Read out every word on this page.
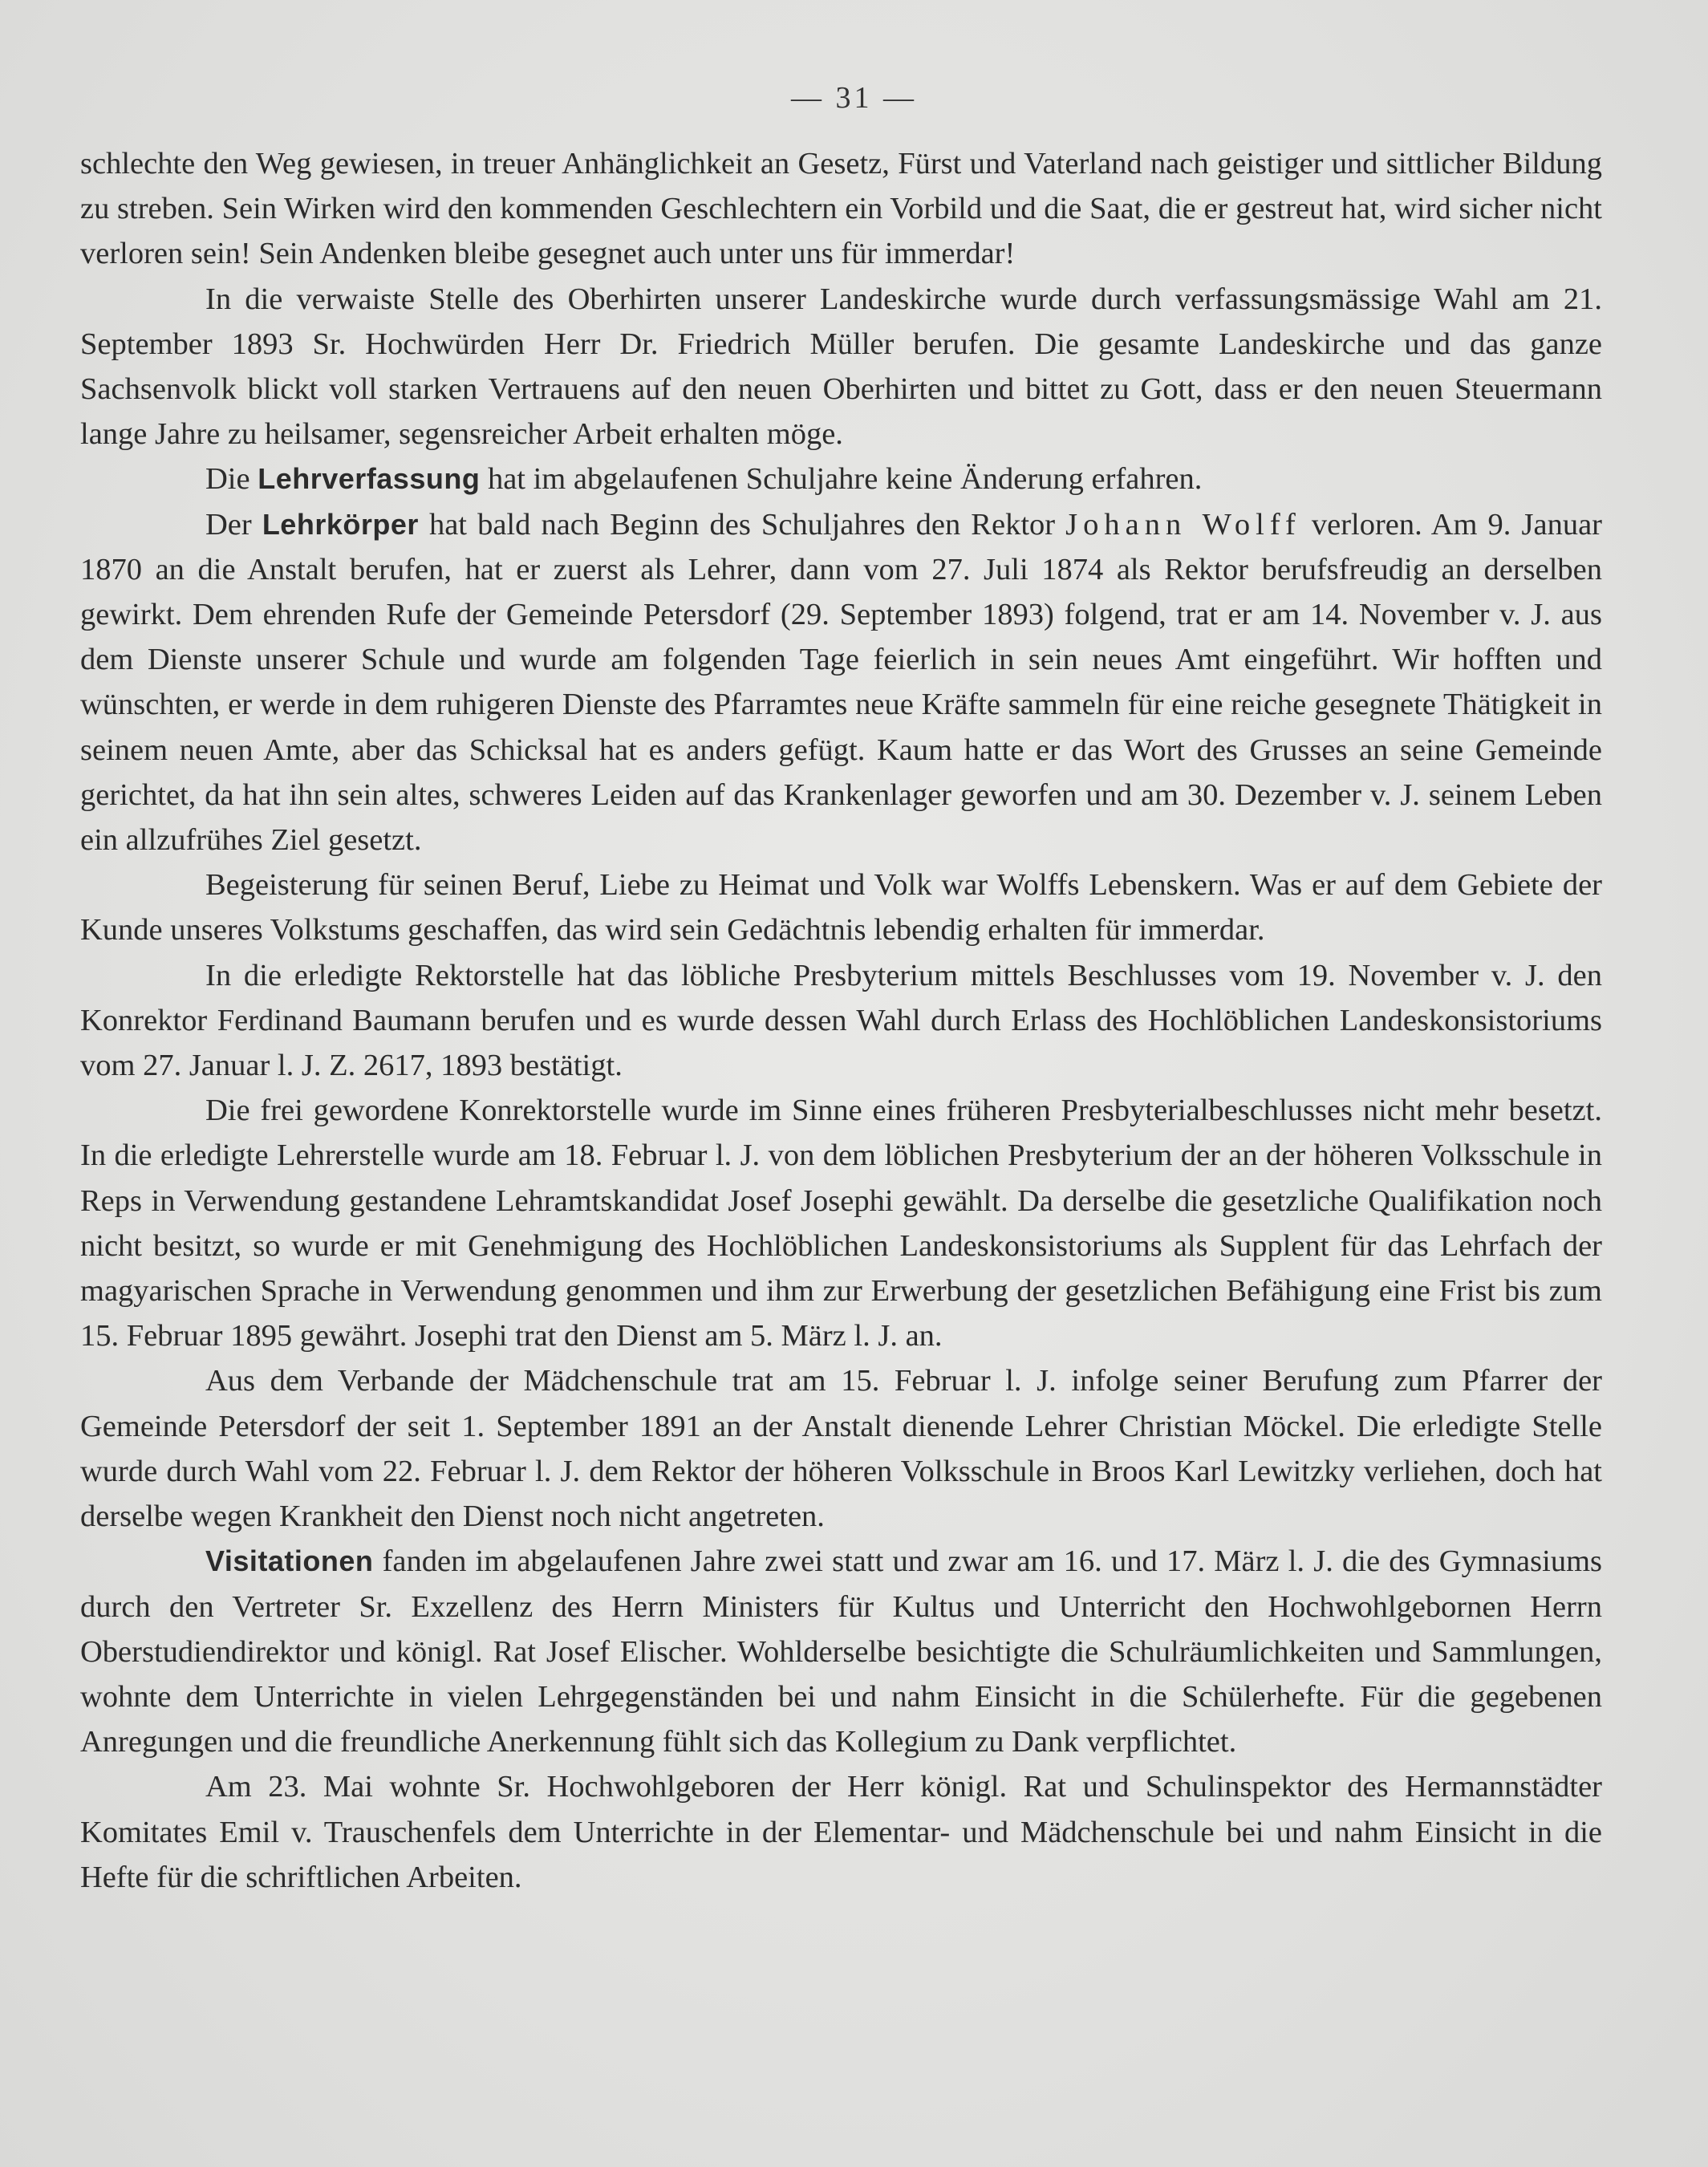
— 31 —

schlechte den Weg gewiesen, in treuer Anhänglichkeit an Gesetz, Fürst und Vaterland nach geistiger und sittlicher Bildung zu streben. Sein Wirken wird den kommenden Geschlechtern ein Vorbild und die Saat, die er gestreut hat, wird sicher nicht verloren sein! Sein Andenken bleibe gesegnet auch unter uns für immerdar!

In die verwaiste Stelle des Oberhirten unserer Landeskirche wurde durch verfassungsmässige Wahl am 21. September 1893 Sr. Hochwürden Herr Dr. Friedrich Müller berufen. Die gesamte Landeskirche und das ganze Sachsenvolk blickt voll starken Vertrauens auf den neuen Oberhirten und bittet zu Gott, dass er den neuen Steuermann lange Jahre zu heilsamer, segensreicher Arbeit erhalten möge.

Die Lehrverfassung hat im abgelaufenen Schuljahre keine Änderung erfahren.

Der Lehrkörper hat bald nach Beginn des Schuljahres den Rektor Johann Wolff verloren. Am 9. Januar 1870 an die Anstalt berufen, hat er zuerst als Lehrer, dann vom 27. Juli 1874 als Rektor berufsfreudig an derselben gewirkt. Dem ehrenden Rufe der Gemeinde Petersdorf (29. September 1893) folgend, trat er am 14. November v. J. aus dem Dienste unserer Schule und wurde am folgenden Tage feierlich in sein neues Amt eingeführt. Wir hofften und wünschten, er werde in dem ruhigeren Dienste des Pfarramtes neue Kräfte sammeln für eine reiche gesegnete Thätigkeit in seinem neuen Amte, aber das Schicksal hat es anders gefügt. Kaum hatte er das Wort des Grusses an seine Gemeinde gerichtet, da hat ihn sein altes, schweres Leiden auf das Krankenlager geworfen und am 30. Dezember v. J. seinem Leben ein allzufrühes Ziel gesetzt.

Begeisterung für seinen Beruf, Liebe zu Heimat und Volk war Wolffs Lebenskern. Was er auf dem Gebiete der Kunde unseres Volkstums geschaffen, das wird sein Gedächtnis lebendig erhalten für immerdar.

In die erledigte Rektorstelle hat das löbliche Presbyterium mittels Beschlusses vom 19. November v. J. den Konrektor Ferdinand Baumann berufen und es wurde dessen Wahl durch Erlass des Hochlöblichen Landeskonsistoriums vom 27. Januar l. J. Z. 2617, 1893 bestätigt.

Die frei gewordene Konrektorstelle wurde im Sinne eines früheren Presbyterialbeschlusses nicht mehr besetzt. In die erledigte Lehrerstelle wurde am 18. Februar l. J. von dem löblichen Presbyterium der an der höheren Volksschule in Reps in Verwendung gestandene Lehramtskandidat Josef Josephi gewählt. Da derselbe die gesetzliche Qualifikation noch nicht besitzt, so wurde er mit Genehmigung des Hochlöblichen Landeskonsistoriums als Supplent für das Lehrfach der magyarischen Sprache in Verwendung genommen und ihm zur Erwerbung der gesetzlichen Befähigung eine Frist bis zum 15. Februar 1895 gewährt. Josephi trat den Dienst am 5. März l. J. an.

Aus dem Verbande der Mädchenschule trat am 15. Februar l. J. infolge seiner Berufung zum Pfarrer der Gemeinde Petersdorf der seit 1. September 1891 an der Anstalt dienende Lehrer Christian Möckel. Die erledigte Stelle wurde durch Wahl vom 22. Februar l. J. dem Rektor der höheren Volksschule in Broos Karl Lewitzky verliehen, doch hat derselbe wegen Krankheit den Dienst noch nicht angetreten.

Visitationen fanden im abgelaufenen Jahre zwei statt und zwar am 16. und 17. März l. J. die des Gymnasiums durch den Vertreter Sr. Exzellenz des Herrn Ministers für Kultus und Unterricht den Hochwohlgebornen Herrn Oberstudiendirektor und königl. Rat Josef Elischer. Wohlderselbe besichtigte die Schulräumlichkeiten und Sammlungen, wohnte dem Unterrichte in vielen Lehrgegenständen bei und nahm Einsicht in die Schülerhefte. Für die gegebenen Anregungen und die freundliche Anerkennung fühlt sich das Kollegium zu Dank verpflichtet.

Am 23. Mai wohnte Sr. Hochwohlgeboren der Herr königl. Rat und Schulinspektor des Hermannstädter Komitates Emil v. Trauschenfels dem Unterrichte in der Elementar- und Mädchenschule bei und nahm Einsicht in die Hefte für die schriftlichen Arbeiten.
